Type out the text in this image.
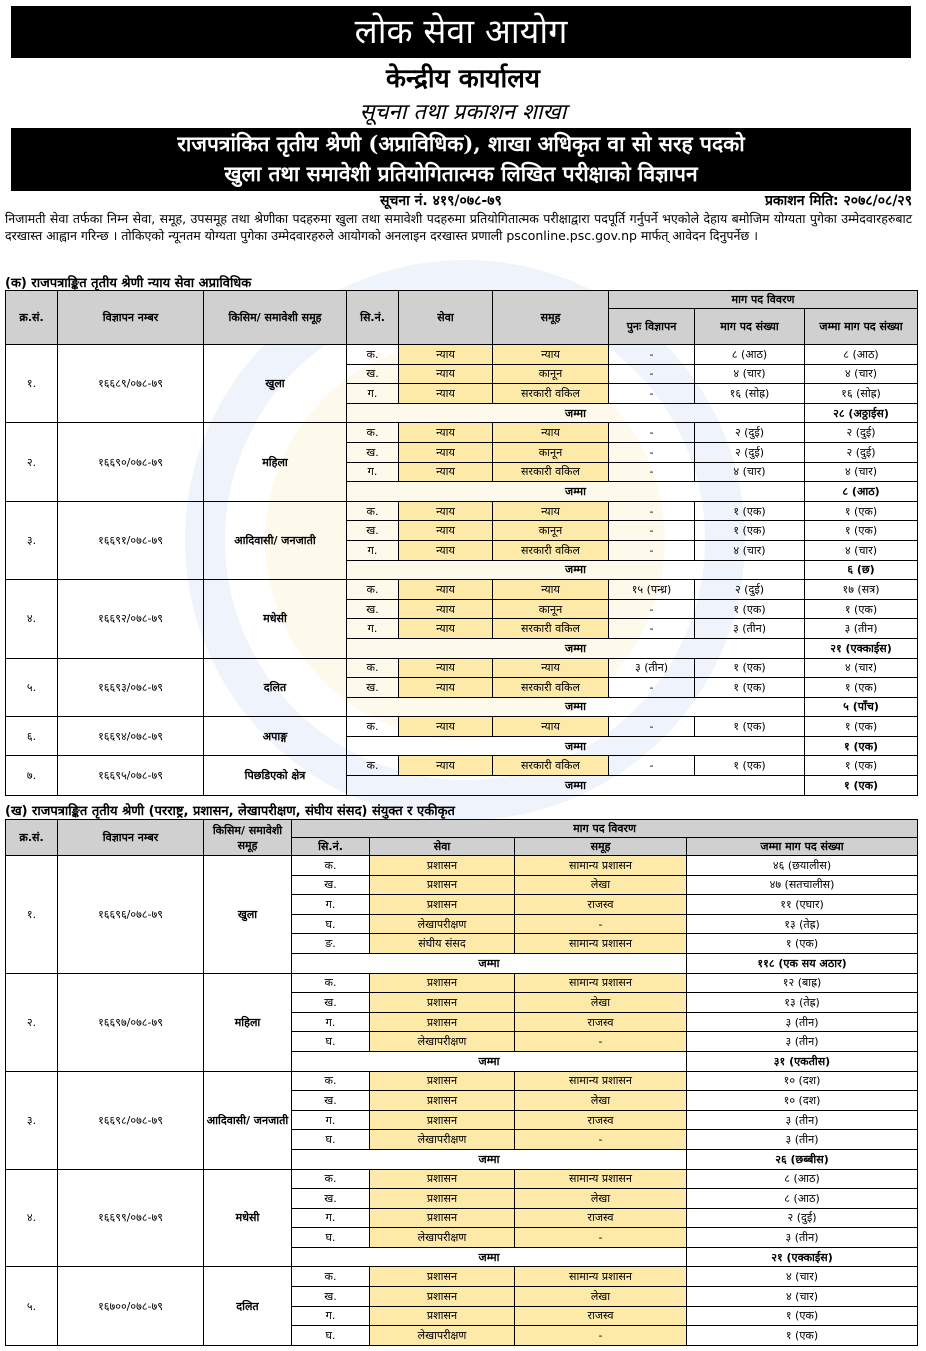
लोक सेवा आयोग
केन्द्रीय कार्यालय
सूचना तथा प्रकाशन शाखा
राजपत्रांकित तृतीय श्रेणी (अप्राविधिक), शाखा अधिकृत वा सो सरह पदको
खुला तथा समावेशी प्रतियोगितात्मक लिखित परीक्षाको विज्ञापन
सूचना नं. ४१९/०७८-७९	प्रकाशन मिति: २०७८/०८/२९
निजामती सेवा तर्फका निम्न सेवा, समूह, उपसमूह तथा श्रेणीका पदहरुमा खुला तथा समावेशी पदहरुमा प्रतियोगितात्मक परीक्षाद्वारा पदपूर्ति गर्नुपर्ने भएकोले देहाय बमोजिम योग्यता पुगेका उम्मेदवारहरुबाट दरखास्त आह्वान गरिन्छ । तोकिएको न्यूनतम योग्यता पुगेका उम्मेदवारहरुले आयोगको अनलाइन दरखास्त प्रणाली psconline.psc.gov.np मार्फत् आवेदन दिनुपर्नेछ ।
(क) राजपत्राङ्कित तृतीय श्रेणी न्याय सेवा अप्राविधिक
क्र.सं.	विज्ञापन नम्बर	किसिम/ समावेशी समूह	सि.नं.	सेवा	समूह	माग पद विवरण		
						पुनः विज्ञापन	माग पद संख्या	जम्मा माग पद संख्या
१.	१६६८९/०७८-७९	खुला	क.	न्याय	न्याय	-	८ (आठ)	८ (आठ)
			ख.	न्याय	कानून	-	४ (चार)	४ (चार)
			ग.	न्याय	सरकारी वकिल	-	१६ (सोह्र)	१६ (सोह्र)
			जम्मा					२८ (अठ्ठाईस)
२.	१६६९०/०७८-७९	महिला	क.	न्याय	न्याय	-	२ (दुई)	२ (दुई)
			ख.	न्याय	कानून	-	२ (दुई)	२ (दुई)
			ग.	न्याय	सरकारी वकिल	-	४ (चार)	४ (चार)
			जम्मा					८ (आठ)
३.	१६६९१/०७८-७९	आदिवासी/ जनजाती	क.	न्याय	न्याय	-	१ (एक)	१ (एक)
			ख.	न्याय	कानून	-	१ (एक)	१ (एक)
			ग.	न्याय	सरकारी वकिल	-	४ (चार)	४ (चार)
			जम्मा					६ (छ)
४.	१६६९२/०७८-७९	मधेसी	क.	न्याय	न्याय	१५ (पन्ध्र)	२ (दुई)	१७ (सत्र)
			ख.	न्याय	कानून	-	१ (एक)	१ (एक)
			ग.	न्याय	सरकारी वकिल	-	३ (तीन)	३ (तीन)
			जम्मा					२१ (एक्काईस)
५.	१६६९३/०७८-७९	दलित	क.	न्याय	न्याय	३ (तीन)	१ (एक)	४ (चार)
			ख.	न्याय	सरकारी वकिल	-	१ (एक)	१ (एक)
			जम्मा					५ (पाँच)
६.	१६६९४/०७८-७९	अपाङ्ग	क.	न्याय	न्याय	-	१ (एक)	१ (एक)
			जम्मा					१ (एक)
७.	१६६९५/०७८-७९	पिछडिएको क्षेत्र	क.	न्याय	सरकारी वकिल	-	१ (एक)	१ (एक)
			जम्मा					१ (एक)
(ख) राजपत्राङ्कित तृतीय श्रेणी (परराष्ट्र, प्रशासन, लेखापरीक्षण, संघीय संसद) संयुक्त र एकीकृत
क्र.सं.	विज्ञापन नम्बर	किसिम/ समावेशी समूह	माग पद विवरण			
			सि.नं.	सेवा	समूह	जम्मा माग पद संख्या
१.	१६६९६/०७८-७९	खुला	क.	प्रशासन	सामान्य प्रशासन	४६ (छयालीस)
			ख.	प्रशासन	लेखा	४७ (सतचालीस)
			ग.	प्रशासन	राजस्व	११ (एघार)
			घ.	लेखापरीक्षण	-	१३ (तेह्र)
			ङ.	संघीय संसद	सामान्य प्रशासन	१ (एक)
			जम्मा			११८ (एक सय अठार)
२.	१६६९७/०७८-७९	महिला	क.	प्रशासन	सामान्य प्रशासन	१२ (बाह्र)
			ख.	प्रशासन	लेखा	१३ (तेह्र)
			ग.	प्रशासन	राजस्व	३ (तीन)
			घ.	लेखापरीक्षण	-	३ (तीन)
			जम्मा			३१ (एकतीस)
३.	१६६९८/०७८-७९	आदिवासी/ जनजाती	क.	प्रशासन	सामान्य प्रशासन	१० (दश)
			ख.	प्रशासन	लेखा	१० (दश)
			ग.	प्रशासन	राजस्व	३ (तीन)
			घ.	लेखापरीक्षण	-	३ (तीन)
			जम्मा			२६ (छब्बीस)
४.	१६६९९/०७८-७९	मधेसी	क.	प्रशासन	सामान्य प्रशासन	८ (आठ)
			ख.	प्रशासन	लेखा	८ (आठ)
			ग.	प्रशासन	राजस्व	२ (दुई)
			घ.	लेखापरीक्षण	-	३ (तीन)
			जम्मा			२१ (एक्काईस)
५.	१६७००/०७८-७९	दलित	क.	प्रशासन	सामान्य प्रशासन	४ (चार)
			ख.	प्रशासन	लेखा	४ (चार)
			ग.	प्रशासन	राजस्व	१ (एक)
			घ.	लेखापरीक्षण	-	१ (एक)
